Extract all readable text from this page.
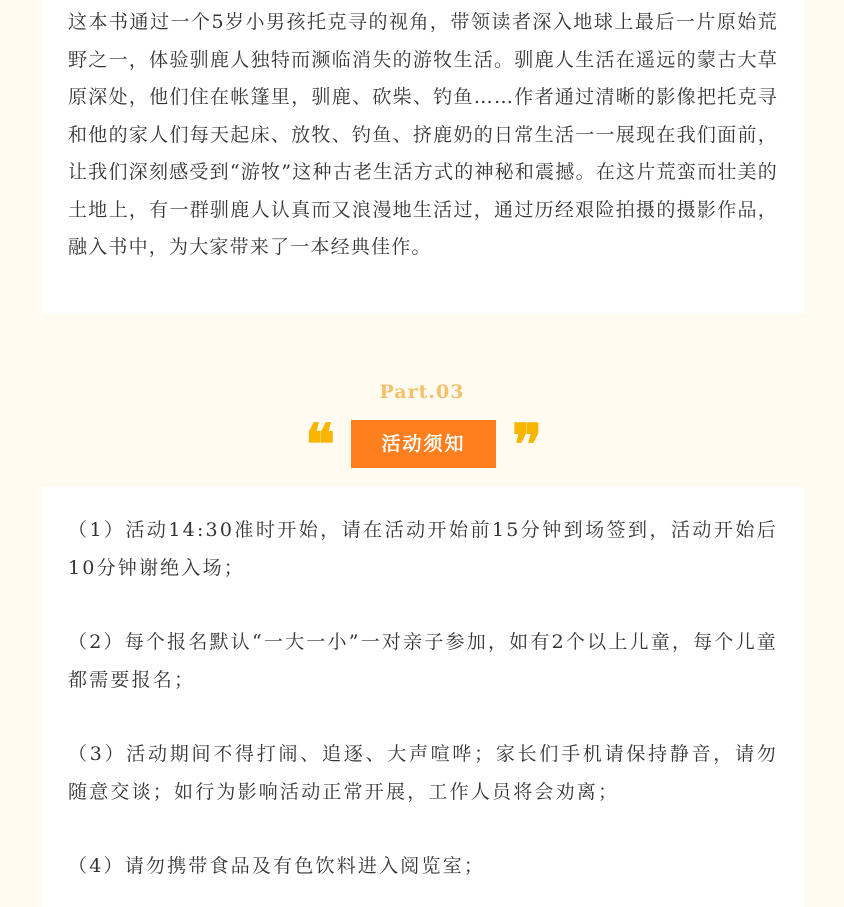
这本书通过一个5岁小男孩托克寻的视角，带领读者深入地球上最后一片原始荒野之一，体验驯鹿人独特而濒临消失的游牧生活。驯鹿人生活在遥远的蒙古大草原深处，他们住在帐篷里，驯鹿、砍柴、钓鱼……作者通过清晰的影像把托克寻和他的家人们每天起床、放牧、钓鱼、挤鹿奶的日常生活一一展现在我们面前，让我们深刻感受到“游牧”这种古老生活方式的神秘和震撼。在这片荒蛮而壮美的土地上，有一群驯鹿人认真而又浪漫地生活过，通过历经艰险拍摄的摄影作品，融入书中，为大家带来了一本经典佳作。

Part.03
❝	活动须知 ❞

（1）活动14:30准时开始，请在活动开始前15分钟到场签到，活动开始后10分钟谢绝入场；

（2）每个报名默认“一大一小”一对亲子参加，如有2个以上儿童，每个儿童都需要报名；

（3）活动期间不得打闹、追逐、大声喧哗；家长们手机请保持静音，请勿随意交谈；如行为影响活动正常开展，工作人员将会劝离；

（4）请勿携带食品及有色饮料进入阅览室；
